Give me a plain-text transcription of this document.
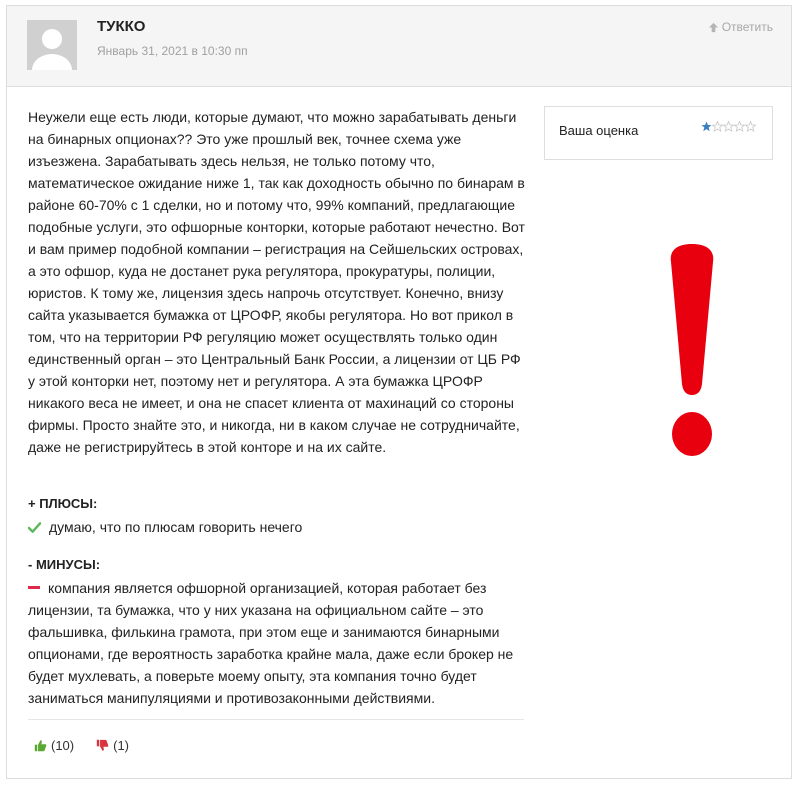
ТУККО
Январь 31, 2021 в 10:30 пп
Ответить
Неужели еще есть люди, которые думают, что можно зарабатывать деньги на бинарных опционах?? Это уже прошлый век, точнее схема уже изъезжена. Зарабатывать здесь нельзя, не только потому что, математическое ожидание ниже 1, так как доходность обычно по бинарам в районе 60-70% с 1 сделки, но и потому что, 99% компаний, предлагающие подобные услуги, это офшорные конторки, которые работают нечестно. Вот и вам пример подобной компании – регистрация на Сейшельских островах, а это офшор, куда не достанет рука регулятора, прокуратуры, полиции, юристов. К тому же, лицензия здесь напрочь отсутствует. Конечно, внизу сайта указывается бумажка от ЦРОФР, якобы регулятора. Но вот прикол в том, что на территории РФ регуляцию может осуществлять только один единственный орган – это Центральный Банк России, а лицензии от ЦБ РФ у этой конторки нет, поэтому нет и регулятора. А эта бумажка ЦРОФР никакого веса не имеет, и она не спасет клиента от махинаций со стороны фирмы. Просто знайте это, и никогда, ни в каком случае не сотрудничайте, даже не регистрируйтесь в этой конторе и на их сайте.
+ ПЛЮСЫ:
думаю, что по плюсам говорить нечего
- МИНУСЫ:
компания является офшорной организацией, которая работает без лицензии, та бумажка, что у них указана на официальном сайте – это фальшивка, филькина грамота, при этом еще и занимаются бинарными опционами, где вероятность заработка крайне мала, даже если брокер не будет мухлевать, а поверьте моему опыту, эта компания точно будет заниматься манипуляциями и противозаконными действиями.
(10)	(1)
Ваша оценка
